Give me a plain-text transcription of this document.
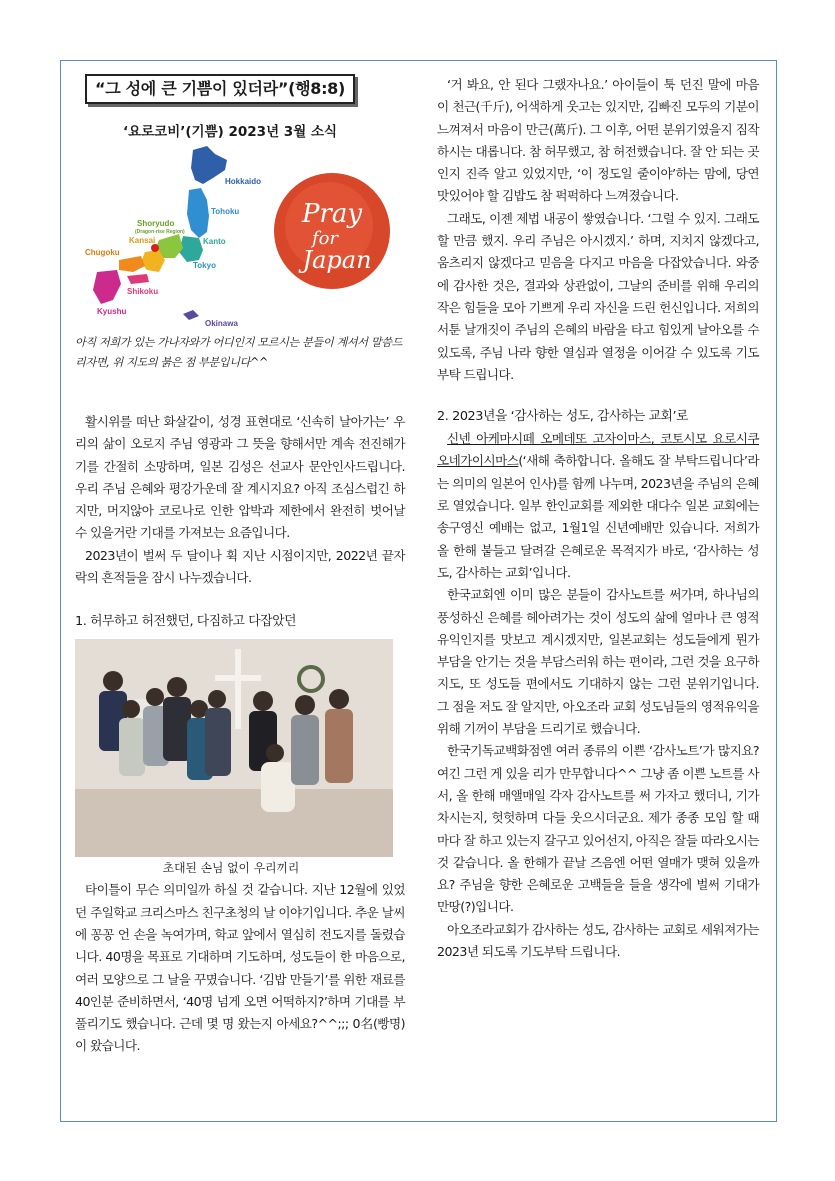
“그 성에 큰 기쁨이 있더라”(행8:8)
‘요로코비’(기쁨) 2023년 3월 소식
Hokkaido
Tohoku
Shoryudo
(Dragon-rise Region)
Kansai	Kanto
Chugoku
Tokyo
Shikoku
Kyushu
Okinawa
Pray
for
Japan
아직 저희가 있는 가나자와가 어디인지 모르시는 분들이 계셔서 말씀드리자면, 위 지도의 붉은 점 부분입니다^^

활시위를 떠난 화살같이, 성경 표현대로 ‘신속히 날아가는’ 우리의 삶이 오로지 주님 영광과 그 뜻을 향해서만 계속 전진해가기를 간절히 소망하며, 일본 김성은 선교사 문안인사드립니다. 우리 주님 은혜와 평강가운데 잘 계시지요? 아직 조심스럽긴 하지만, 머지않아 코로나로 인한 압박과 제한에서 완전히 벗어날 수 있을거란 기대를 가져보는 요즘입니다.

2023년이 벌써 두 달이나 휙 지난 시점이지만, 2022년 끝자락의 흔적들을 잠시 나누겠습니다.

1. 허무하고 허전했던, 다짐하고 다잡았던
초대된 손님 없이 우리끼리

타이틀이 무슨 의미일까 하실 것 같습니다. 지난 12월에 있었던 주일학교 크리스마스 친구초청의 날 이야기입니다. 추운 날씨에 꽁꽁 언 손을 녹여가며, 학교 앞에서 열심히 전도지를 돌렸습니다. 40명을 목표로 기대하며 기도하며, 성도들이 한 마음으로, 여러 모양으로 그 날을 꾸몄습니다. ‘김밥 만들기’를 위한 재료를 40인분 준비하면서, ‘40명 넘게 오면 어떡하지?’하며 기대를 부풀리기도 했습니다. 근데 몇 명 왔는지 아세요?^^;;; 0名(빵명)이 왔습니다.

‘거 봐요, 안 된다 그랬자나요.’ 아이들이 툭 던진 말에 마음이 천근(千斤), 어색하게 웃고는 있지만, 김빠진 모두의 기분이 느껴져서 마음이 만근(萬斤). 그 이후, 어떤 분위기였을지 짐작하시는 대롭니다. 참 허무했고, 참 허전했습니다. 잘 안 되는 곳인지 진즉 알고 있었지만, ‘이 정도일 줄이야’하는 맘에, 당연 맛있어야 할 김밥도 참 퍽퍽하다 느껴졌습니다.

그래도, 이젠 제법 내공이 쌓였습니다. ‘그럴 수 있지. 그래도 할 만큼 했지. 우리 주님은 아시겠지.’ 하며, 지치지 않겠다고, 움츠리지 않겠다고 믿음을 다지고 마음을 다잡았습니다. 와중에 감사한 것은, 결과와 상관없이, 그날의 준비를 위해 우리의 작은 힘들을 모아 기쁘게 우리 자신을 드린 헌신입니다. 저희의 서툰 날개짓이 주님의 은혜의 바람을 타고 힘있게 날아오를 수 있도록, 주님 나라 향한 열심과 열정을 이어갈 수 있도록 기도부탁 드립니다.

2. 2023년을 ‘감사하는 성도, 감사하는 교회’로

신넨 아케마시떼 오메데또 고자이마스, 코토시모 요로시쿠 오네가이시마스(‘새해 축하합니다. 올해도 잘 부탁드립니다’라는 의미의 일본어 인사)를 함께 나누며, 2023년을 주님의 은혜로 열었습니다. 일부 한인교회를 제외한 대다수 일본 교회에는 송구영신 예배는 없고, 1월1일 신년예배만 있습니다. 저희가 올 한해 붙들고 달려갈 은혜로운 목적지가 바로, ‘감사하는 성도, 감사하는 교회’입니다.

한국교회엔 이미 많은 분들이 감사노트를 써가며, 하나님의 풍성하신 은혜를 헤아려가는 것이 성도의 삶에 얼마나 큰 영적유익인지를 맛보고 계시겠지만, 일본교회는 성도들에게 뭔가 부담을 안기는 것을 부담스러워 하는 편이라, 그런 것을 요구하지도, 또 성도들 편에서도 기대하지 않는 그런 분위기입니다. 그 점을 저도 잘 알지만, 아오조라 교회 성도님들의 영적유익을 위해 기꺼이 부담을 드리기로 했습니다.

한국기독교백화점엔 여러 종류의 이쁜 ‘감사노트’가 많지요? 여긴 그런 게 있을 리가 만무합니다^^ 그냥 좀 이쁜 노트를 사서, 올 한해 매앨매일 각자 감사노트를 써 가자고 했더니, 기가 차시는지, 헛헛하며 다들 웃으시더군요. 제가 종종 모임 할 때마다 잘 하고 있는지 갈구고 있어선지, 아직은 잘들 따라오시는 것 같습니다. 올 한해가 끝날 즈음엔 어떤 열매가 맺혀 있을까요? 주님을 향한 은혜로운 고백들을 들을 생각에 벌써 기대가 만땅(?)입니다.

아오조라교회가 감사하는 성도, 감사하는 교회로 세워져가는 2023년 되도록 기도부탁 드립니다.
